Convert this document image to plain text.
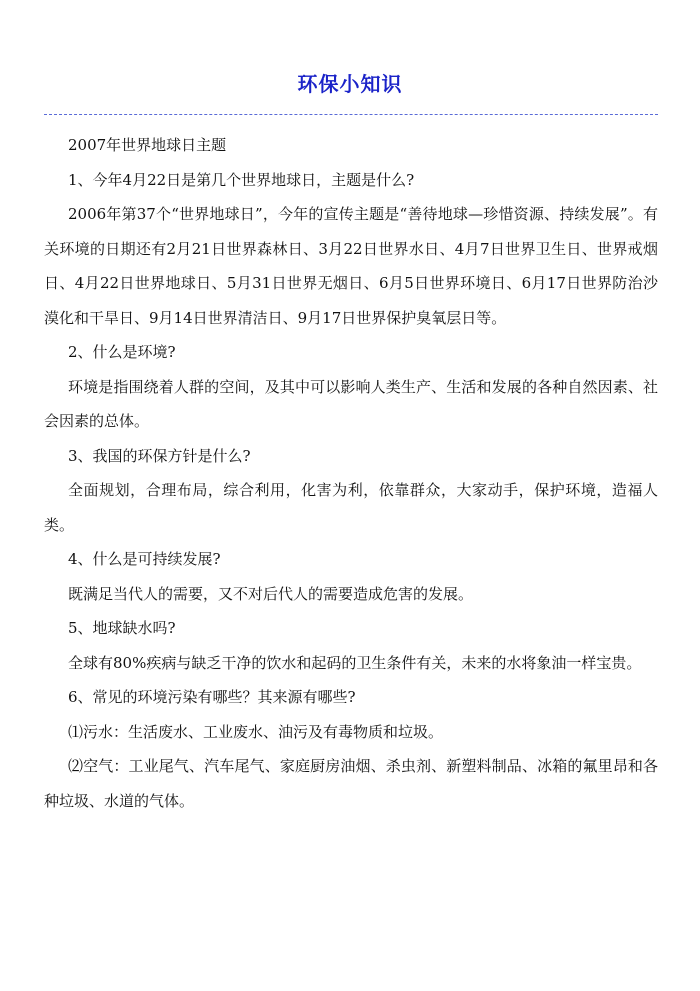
环保小知识

2007年世界地球日主题

1、今年4月22日是第几个世界地球日，主题是什么?

2006年第37个“世界地球日”，今年的宣传主题是“善待地球—珍惜资源、持续发展”。有关环境的日期还有2月21日世界森林日、3月22日世界水日、4月7日世界卫生日、世界戒烟日、4月22日世界地球日、5月31日世界无烟日、6月5日世界环境日、6月17日世界防治沙漠化和干旱日、9月14日世界清洁日、9月17日世界保护臭氧层日等。

2、什么是环境?

环境是指围绕着人群的空间，及其中可以影响人类生产、生活和发展的各种自然因素、社会因素的总体。

3、我国的环保方针是什么?

全面规划，合理布局，综合利用，化害为利，依靠群众，大家动手，保护环境，造福人类。

4、什么是可持续发展?

既满足当代人的需要，又不对后代人的需要造成危害的发展。

5、地球缺水吗?

全球有80%疾病与缺乏干净的饮水和起码的卫生条件有关，未来的水将象油一样宝贵。

6、常见的环境污染有哪些？其来源有哪些?

⑴污水：生活废水、工业废水、油污及有毒物质和垃圾。

⑵空气：工业尾气、汽车尾气、家庭厨房油烟、杀虫剂、新塑料制品、冰箱的氟里昂和各种垃圾、水道的气体。
